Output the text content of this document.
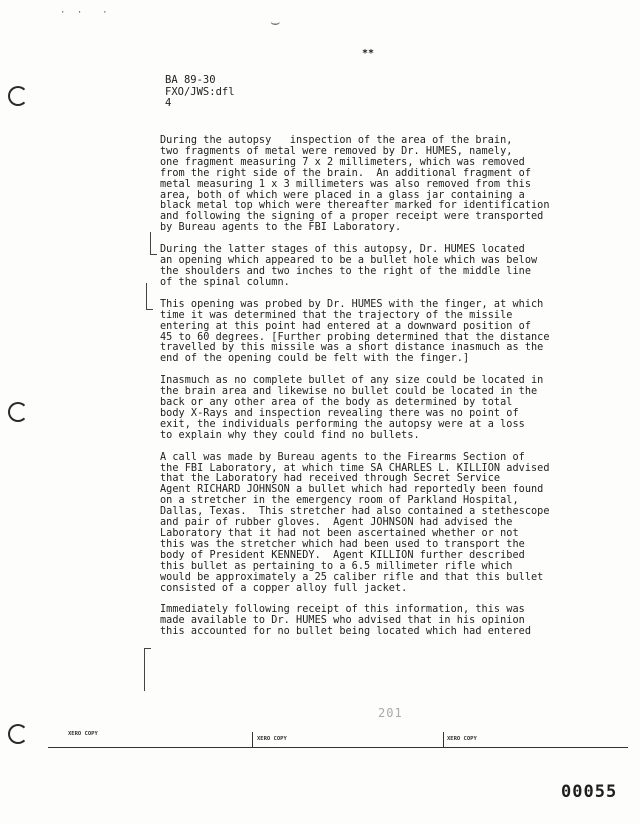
· ·  ·	⌣
**
BA 89-30
FXO/JWS:dfl
4
During the autopsy   inspection of the area of the brain,
two fragments of metal were removed by Dr. HUMES, namely,
one fragment measuring 7 x 2 millimeters, which was removed
from the right side of the brain.  An additional fragment of
metal measuring 1 x 3 millimeters was also removed from this
area, both of which were placed in a glass jar containing a
black metal top which were thereafter marked for identification
and following the signing of a proper receipt were transported
by Bureau agents to the FBI Laboratory.
During the latter stages of this autopsy, Dr. HUMES located
an opening which appeared to be a bullet hole which was below
the shoulders and two inches to the right of the middle line
of the spinal column.
This opening was probed by Dr. HUMES with the finger, at which
time it was determined that the trajectory of the missile
entering at this point had entered at a downward position of
45 to 60 degrees. [Further probing determined that the distance
travelled by this missile was a short distance inasmuch as the
end of the opening could be felt with the finger.]
Inasmuch as no complete bullet of any size could be located in
the brain area and likewise no bullet could be located in the
back or any other area of the body as determined by total
body X-Rays and inspection revealing there was no point of
exit, the individuals performing the autopsy were at a loss
to explain why they could find no bullets.
A call was made by Bureau agents to the Firearms Section of
the FBI Laboratory, at which time SA CHARLES L. KILLION advised
that the Laboratory had received through Secret Service
Agent RICHARD JOHNSON a bullet which had reportedly been found
on a stretcher in the emergency room of Parkland Hospital,
Dallas, Texas.  This stretcher had also contained a stethescope
and pair of rubber gloves.  Agent JOHNSON had advised the
Laboratory that it had not been ascertained whether or not
this was the stretcher which had been used to transport the
body of President KENNEDY.  Agent KILLION further described
this bullet as pertaining to a 6.5 millimeter rifle which
would be approximately a 25 caliber rifle and that this bullet
consisted of a copper alloy full jacket.
Immediately following receipt of this information, this was
made available to Dr. HUMES who advised that in his opinion
this accounted for no bullet being located which had entered
201
XERO COPY
XERO COPY	XERO COPY
00055
